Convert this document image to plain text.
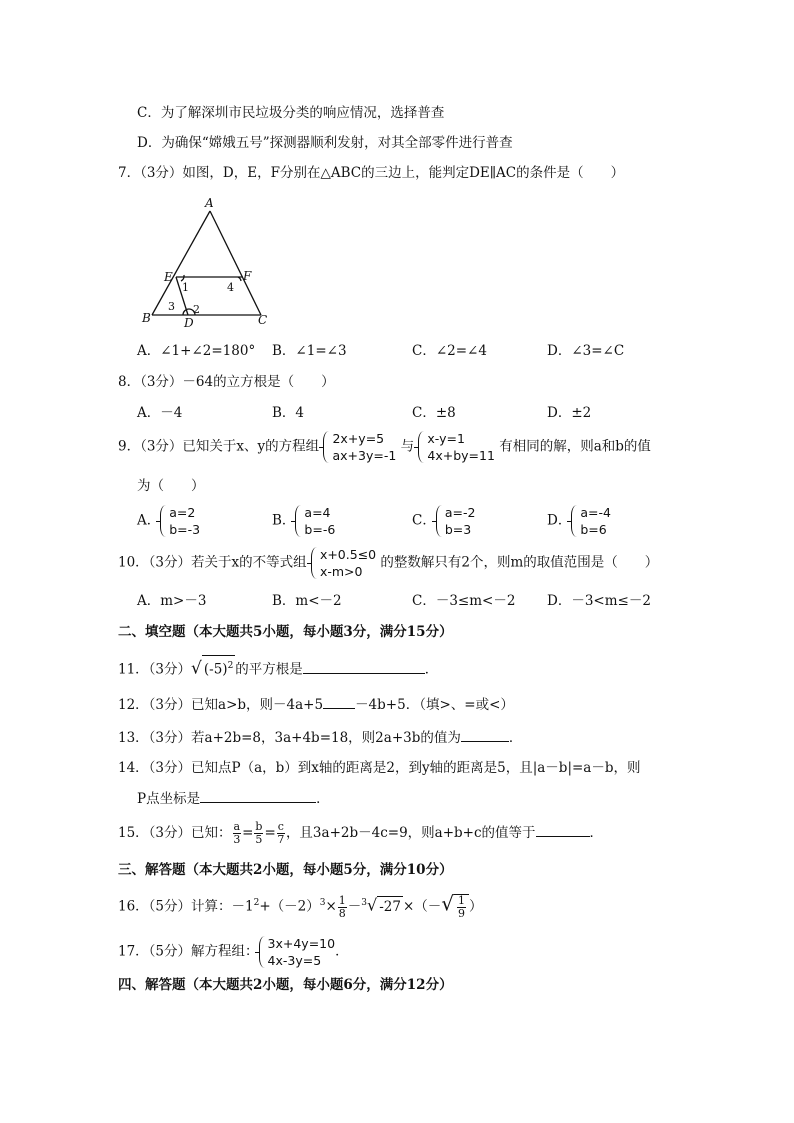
C．为了解深圳市民垃圾分类的响应情况，选择普查
D．为确保“嫦娥五号”探测器顺利发射，对其全部零件进行普查
7．（3分）如图，D，E，F分别在△ABC的三边上，能判定DE∥AC的条件是（　　）
A
B	C
D
E	F
1
2
3
4
A．∠1+∠2=180° B．∠1=∠3	C．∠2=∠4	D．∠3=∠C
8．（3分）－64的立方根是（　　）
A．－4	B．4	C．±8	D．±2
9．（3分）已知关于x、y的方程组 2x+y=5
ax+3y=-1
与 x-y=1
4x+by=11
有相同的解，则a和b的值
为（　　）
A． a=2
b=-3
B． a=4
b=-6
C． a=-2
b=3
D． a=-4
b=6
10．（3分）若关于x的不等式组 x+0.5≤0
x-m>0
的整数解只有2个，则m的取值范围是（　　）
A．m>－3	B．m<－2	C．－3≤m<－2 D．－3<m≤－2
二、填空题（本大题共5小题，每小题3分，满分15分）
11．（3分）√ $(-5)^2$ 的平方根是	．
12．（3分）已知a>b，则－4a+5 －4b+5．（填>、=或<）
13．（3分）若a+2b=8，3a+4b=18，则2a+3b的值为	．
14．（3分）已知点P（a，b）到x轴的距离是2，到y轴的距离是5，且|a－b|=a－b，则
P点坐标是	．
15．（3分）已知： $\frac{a}{3} = \frac{b}{5} = \frac{c}{7}$ ，且3a+2b－4c=9，则a+b+c的值等于	．
三、解答题（本大题共2小题，每小题5分，满分10分）
16．（5分）计算：$-1^2+(-2)^3\times \frac{1}{8} -^3√$ -27 ×（－√ $\frac{1}{9}$ ）
17．（5分）解方程组： 3x+4y=10
4x-3y=5
．
四、解答题（本大题共2小题，每小题6分，满分12分）
